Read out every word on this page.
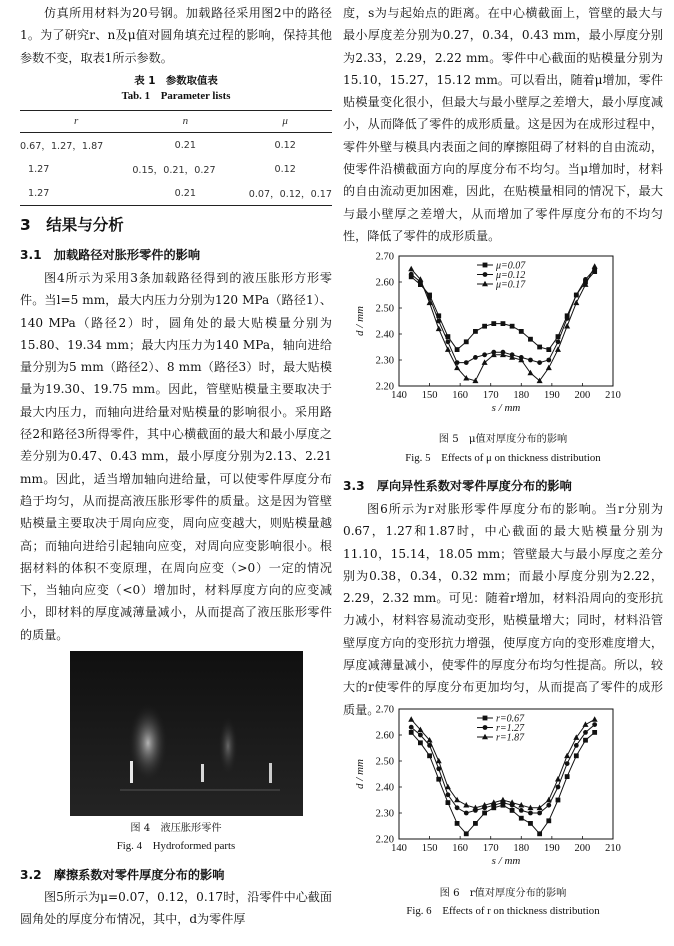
仿真所用材料为20号钢。加载路径采用图2中的路径1。为了研究r、n及μ值对圆角填充过程的影响，保持其他参数不变，取表1所示参数。

表 1　参数取值表

Tab. 1　Parameter lists

r	n	μ
0.67，1.27，1.87	0.21	0.12
1.27	0.15，0.21，0.27	0.12
1.27	0.21	0.07，0.12，0.17

3　结果与分析

3.1　加载路径对胀形零件的影响

图4所示为采用3条加载路径得到的液压胀形方形零件。当l=5 mm，最大内压力分别为120 MPa（路径1）、140 MPa（路径2）时，圆角处的最大贴模量分别为15.80、19.34 mm；最大内压力为140 MPa，轴向进给量分别为5 mm（路径2）、8 mm（路径3）时，最大贴模量为19.30、19.75 mm。因此，管壁贴模量主要取决于最大内压力，而轴向进给量对贴模量的影响很小。采用路径2和路径3所得零件，其中心横截面的最大和最小厚度之差分别为0.47、0.43 mm，最小厚度分别为2.13、2.21 mm。因此，适当增加轴向进给量，可以使零件厚度分布趋于均匀，从而提高液压胀形零件的质量。这是因为管壁贴模量主要取决于周向应变，周向应变越大，则贴模量越高；而轴向进给引起轴向应变，对周向应变影响很小。根据材料的体积不变原理，在周向应变（>0）一定的情况下，当轴向应变（<0）增加时，材料厚度方向的应变减小，即材料的厚度减薄量减小，从而提高了液压胀形零件的质量。

图 4　液压胀形零件

Fig. 4　Hydroformed parts

3.2　摩擦系数对零件厚度分布的影响

图5所示为μ=0.07，0.12，0.17时，沿零件中心截面圆角处的厚度分布情况，其中，d为零件厚

度，s为与起始点的距离。在中心横截面上，管壁的最大与最小厚度差分别为0.27，0.34，0.43 mm，最小厚度分别为2.33，2.29，2.22 mm。零件中心截面的贴模量分别为15.10，15.27，15.12 mm。可以看出，随着μ增加，零件贴模量变化很小，但最大与最小壁厚之差增大，最小厚度减小，从而降低了零件的成形质量。这是因为在成形过程中，零件外壁与模具内表面之间的摩擦阻碍了材料的自由流动，使零件沿横截面方向的厚度分布不均匀。当μ增加时，材料的自由流动更加困难，因此，在贴模量相同的情况下，最大与最小壁厚之差增大，从而增加了零件厚度分布的不均匀性，降低了零件的成形质量。

140 150 160 170 180 190 200 210
2.20
2.30
2.40
2.50
2.60
2.70
s / mm
d / mm
μ=0.07
μ=0.12
μ=0.17

图 5　μ值对厚度分布的影响

Fig. 5　Effects of μ on thickness distribution

3.3　厚向异性系数对零件厚度分布的影响

图6所示为r对胀形零件厚度分布的影响。当r分别为0.67，1.27和1.87时，中心截面的最大贴模量分别为11.10，15.14，18.05 mm；管壁最大与最小厚度之差分别为0.38，0.34，0.32 mm；而最小厚度分别为2.22，2.29，2.32 mm。可见：随着r增加，材料沿周向的变形抗力减小，材料容易流动变形，贴模量增大；同时，材料沿管壁厚度方向的变形抗力增强，使厚度方向的变形难度增大，厚度减薄量减小，使零件的厚度分布均匀性提高。所以，较大的r使零件的厚度分布更加均匀，从而提高了零件的成形质量。

140 150 160 170 180 190 200 210
2.20
2.30
2.40
2.50
2.60
2.70
s / mm
d / mm
r=0.67
r=1.27
r=1.87

图 6　r值对厚度分布的影响

Fig. 6　Effects of r on thickness distribution
